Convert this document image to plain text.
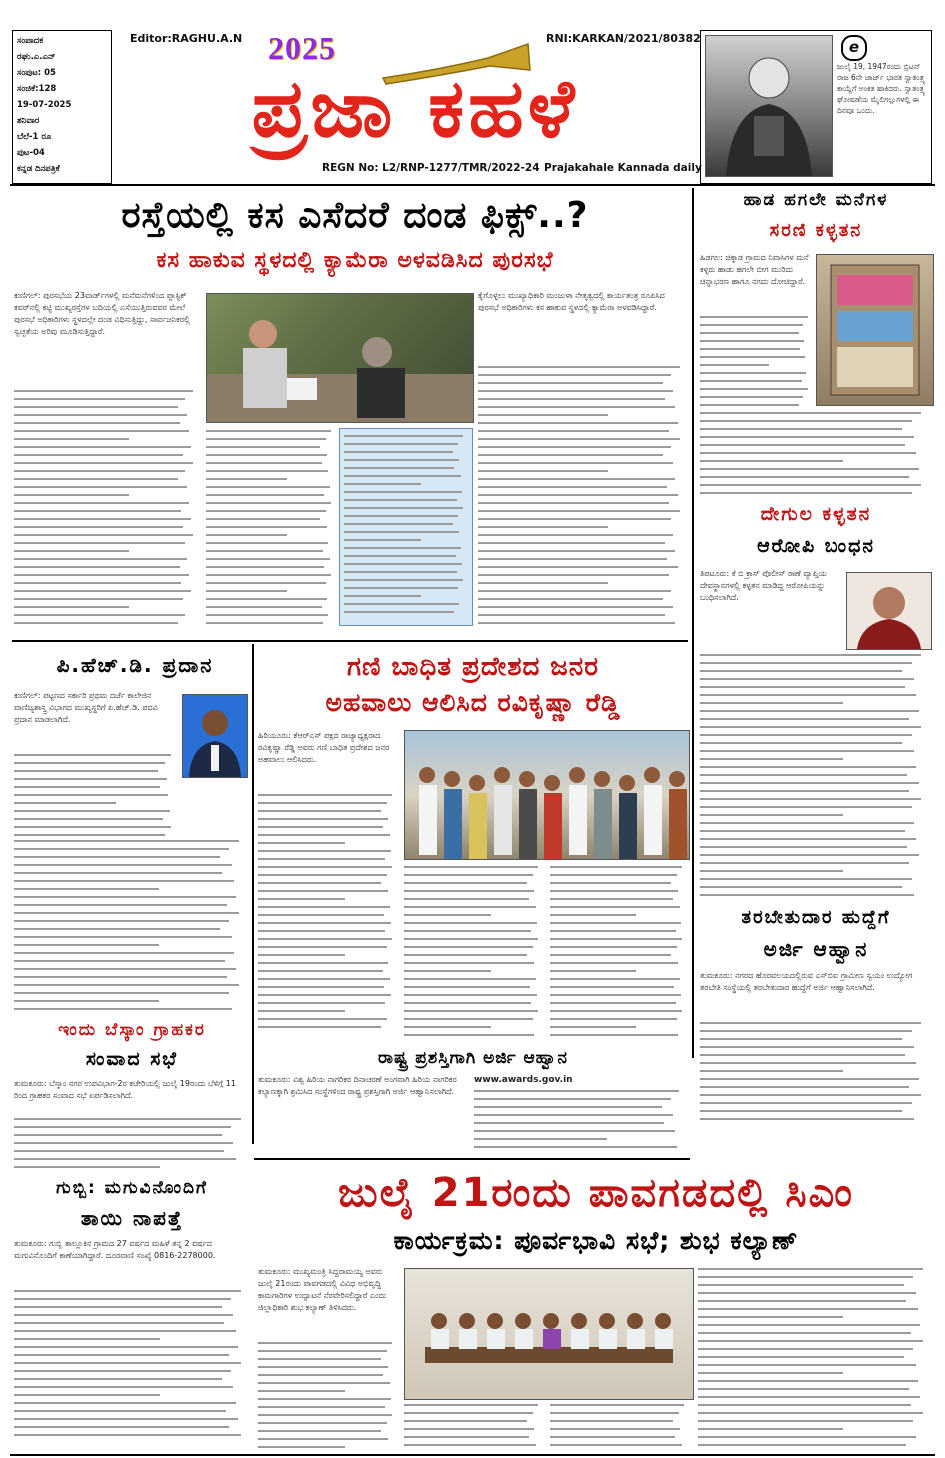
ಸಂಪಾದಕ
ರಘು.ಎ.ಎನ್
ಸಂಪುಟ: 05
ಸಂಚಿಕೆ:128
19-07-2025
ಶನಿವಾರ
ಬೆಲೆ-1 ರೂ
ಪುಟ-04
ಕನ್ನಡ ದಿನಪತ್ರಿಕೆ
Editor:RAGHU.A.N	RNI:KARKAN/2021/80382
2025
ಪ್ರಜಾ ಕಹಳೆ
REGN No: L2/RNP-1277/TMR/2022-24 Prajakahale Kannada daily
e
ಜುಲೈ 19, 1947ರಂದು ಬ್ರಿಟನ್ ರಾಜ 6ನೇ ಜಾರ್ಜ್ ಭಾರತ ಸ್ವಾತಂತ್ರ್ಯ ಕಾಯ್ದೆಗೆ ಅಂಕಿತ ಹಾಕಿದರು. ಸ್ವಾತಂತ್ರ್ಯ ಘೋಷಣೆಯ ಮೈಲಿಗಲ್ಲುಗಳಲ್ಲಿ ಈ ದಿನವೂ ಒಂದು.
ರಸ್ತೆಯಲ್ಲಿ ಕಸ ಎಸೆದರೆ ದಂಡ ಫಿಕ್ಸ್..?
ಕಸ ಹಾಕುವ ಸ್ಥಳದಲ್ಲಿ ಕ್ಯಾಮೆರಾ ಅಳವಡಿಸಿದ ಪುರಸಭೆ
ಕುಣಿಗಲ್: ಪುರಸಭೆಯ 23ವಾರ್ಡ್‌ಗಳಲ್ಲಿ ಮನೆಮನೆಗಳಿಂದ ಪ್ಲಾಸ್ಟಿಕ್ ಕವರ್‌ನಲ್ಲಿ ಕಟ್ಟಿ ಮುಖ್ಯರಸ್ತೆಗಳ ಬದಿಯಲ್ಲಿ ಎಸೆಯುತ್ತಿರುವವರ ಮೇಲೆ ಪುರಸಭೆ ಅಧಿಕಾರಿಗಳು ಸ್ಥಳದಲ್ಲೇ ದಂಡ ವಿಧಿಸುತ್ತಿದ್ದು, ಸಾರ್ವಜನಿಕರಲ್ಲಿ ಸ್ವಚ್ಛತೆಯ ಅರಿವು ಮೂಡಿಸುತ್ತಿದ್ದಾರೆ.
ಕೈಗೊಳ್ಳಲು ಮುಖ್ಯಾಧಿಕಾರಿ ಮಂಜುಳಾ ನೇತೃತ್ವದಲ್ಲಿ ಕಾರ್ಯತಂತ್ರ ರೂಪಿಸಿದ ಪುರಸಭೆ ಅಧಿಕಾರಿಗಳು ಕಸ ಹಾಕುವ ಸ್ಥಳದಲ್ಲಿ ಕ್ಯಾಮೆರಾ ಅಳವಡಿಸಿದ್ದಾರೆ.
ಹಾಡ ಹಗಲೇ ಮನೆಗಳ
ಸರಣಿ ಕಳ್ಳತನ
ಹಿಡಗಲ: ಚಿಕ್ಕಾಡ ಗ್ರಾಮದ ನಿವಾಸಿಗಳ ಮನೆ ಕಳ್ಳರು ಹಾಡು ಹಗಲೇ ಬೀಗ ಮುರಿದು ಚಿನ್ನಾಭರಣ ಹಾಗೂ ನಗದು ದೋಚಿದ್ದಾರೆ.
ದೇಗುಲ ಕಳ್ಳತನ
ಆರೋಪಿ ಬಂಧನ
ತಿಪಟೂರು: ಕೆ ಬಿ ಕ್ರಾಸ್ ಪೊಲೀಸ್ ಠಾಣೆ ವ್ಯಾಪ್ತಿಯ ದೇವಸ್ಥಾನಗಳಲ್ಲಿ ಕಳ್ಳತನ ಮಾಡಿದ್ದ ಆರೋಪಿಯನ್ನು ಬಂಧಿಸಲಾಗಿದೆ.
ತರಬೇತುದಾರ ಹುದ್ದೆಗೆ
ಅರ್ಜಿ ಆಹ್ವಾನ
ತುಮಕೂರು: ನಗರದ ಹೊರವಲಯದಲ್ಲಿರುವ ಎಸ್‌ಬಿಐ ಗ್ರಾಮೀಣ ಸ್ವಯಂ ಉದ್ಯೋಗ ತರಬೇತಿ ಸಂಸ್ಥೆಯಲ್ಲಿ ತರಬೇತುದಾರ ಹುದ್ದೆಗೆ ಅರ್ಜಿ ಆಹ್ವಾನಿಸಲಾಗಿದೆ.
ಪಿ.ಹೆಚ್.ಡಿ. ಪ್ರದಾನ
ಕುಣಿಗಲ್: ಪಟ್ಟಣದ ಸರ್ಕಾರಿ ಪ್ರಥಮ ದರ್ಜೆ ಕಾಲೇಜಿನ ವಾಣಿಜ್ಯಶಾಸ್ತ್ರ ವಿಭಾಗದ ಮುಖ್ಯಸ್ಥರಿಗೆ ಪಿ.ಹೆಚ್.ಡಿ. ಪದವಿ ಪ್ರದಾನ ಮಾಡಲಾಗಿದೆ.
ಗಣಿ ಬಾಧಿತ ಪ್ರದೇಶದ ಜನರ
ಅಹವಾಲು ಆಲಿಸಿದ ರವಿಕೃಷ್ಣಾ ರೆಡ್ಡಿ
ಹಿರಿಯೂರು: ಕೆಆರ್‌ಎಸ್ ಪಕ್ಷದ ರಾಜ್ಯಾಧ್ಯಕ್ಷರಾದ ರವಿಕೃಷ್ಣಾ ರೆಡ್ಡಿ ಅವರು ಗಣಿ ಬಾಧಿತ ಪ್ರದೇಶದ ಜನರ ಅಹವಾಲು ಆಲಿಸಿದರು.
ರಾಷ್ಟ್ರ ಪ್ರಶಸ್ತಿಗಾಗಿ ಅರ್ಜಿ ಆಹ್ವಾನ
ತುಮಕೂರು: ವಿಶ್ವ ಹಿರಿಯ ನಾಗರಿಕರ ದಿನಾಚರಣೆ ಅಂಗವಾಗಿ ಹಿರಿಯ ನಾಗರಿಕರ ಕಲ್ಯಾಣಕ್ಕಾಗಿ ಶ್ರಮಿಸಿದ ಸಂಸ್ಥೆಗಳಿಂದ ರಾಷ್ಟ್ರ ಪ್ರಶಸ್ತಿಗಾಗಿ ಅರ್ಜಿ ಆಹ್ವಾನಿಸಲಾಗಿದೆ.
www.awards.gov.in
ಇಂದು ಬೆಸ್ಕಾಂ ಗ್ರಾಹಕರ
ಸಂವಾದ ಸಭೆ
ತುಮಕೂರು: ಬೆಸ್ಕಾಂ ನಗರ ಉಪವಿಭಾಗ-2ರ ಕಚೇರಿಯಲ್ಲಿ ಜುಲೈ 19ರಂದು ಬೆಳಿಗ್ಗೆ 11 ರಿಂದ ಗ್ರಾಹಕರ ಸಂವಾದ ಸಭೆ ಏರ್ಪಡಿಸಲಾಗಿದೆ.
ಗುಬ್ಬಿ: ಮಗುವಿನೊಂದಿಗೆ
ತಾಯಿ ನಾಪತ್ತೆ
ತುಮಕೂರು: ಗುಬ್ಬಿ ತಾಲ್ಲೂಕಿನ ಗ್ರಾಮದ 27 ವರ್ಷದ ಮಹಿಳೆ ತನ್ನ 2 ವರ್ಷದ ಮಗುವಿನೊಂದಿಗೆ ಕಾಣೆಯಾಗಿದ್ದಾರೆ. ದೂರವಾಣಿ ಸಂಖ್ಯೆ 0816-2278000.
ಜುಲೈ 21ರಂದು ಪಾವಗಡದಲ್ಲಿ ಸಿಎಂ
ಕಾರ್ಯಕ್ರಮ: ಪೂರ್ವಭಾವಿ ಸಭೆ; ಶುಭ ಕಲ್ಯಾಣ್
ತುಮಕೂರು: ಮುಖ್ಯಮಂತ್ರಿ ಸಿದ್ದರಾಮಯ್ಯ ಅವರು ಜುಲೈ 21ರಂದು ಪಾವಗಡದಲ್ಲಿ ವಿವಿಧ ಅಭಿವೃದ್ಧಿ ಕಾಮಗಾರಿಗಳ ಉದ್ಘಾಟನೆ ನೆರವೇರಿಸಲಿದ್ದಾರೆ ಎಂದು ಜಿಲ್ಲಾಧಿಕಾರಿ ಶುಭ ಕಲ್ಯಾಣ್ ತಿಳಿಸಿದರು.
